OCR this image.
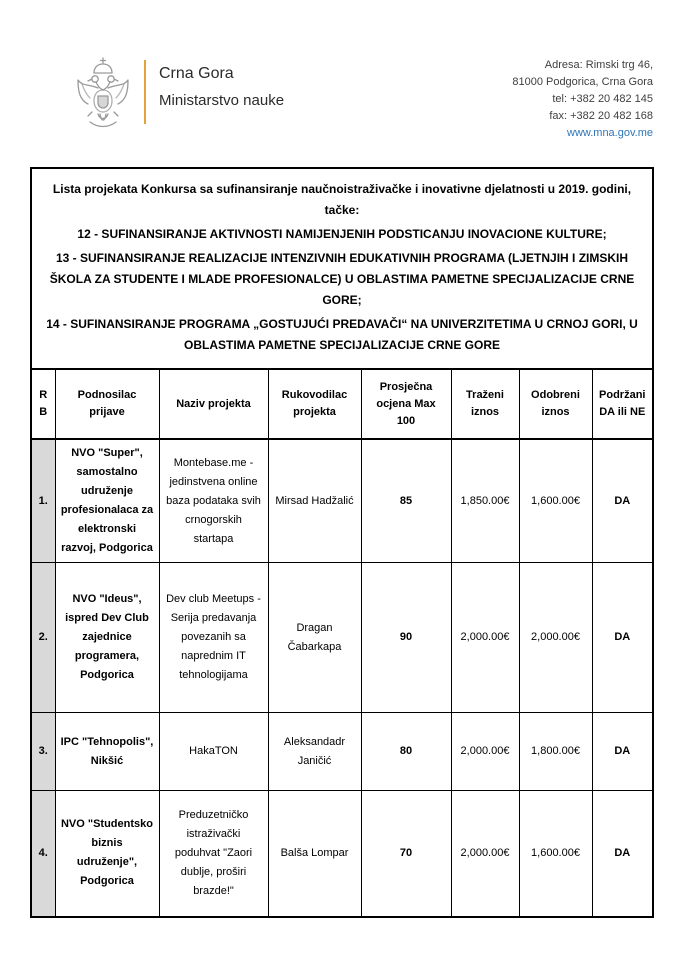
Crna Gora
Ministarstvo nauke
Adresa: Rimski trg 46,
81000 Podgorica, Crna Gora
tel: +382 20 482 145
fax: +382 20 482 168
www.mna.gov.me

Lista projekata Konkursa sa sufinansiranje naučnoistraživačke i inovativne djelatnosti u 2019. godini, tačke:

12 - SUFINANSIRANJE AKTIVNOSTI NAMIJENJENIH PODSTICANJU INOVACIONE KULTURE;

13 - SUFINANSIRANJE REALIZACIJE INTENZIVNIH EDUKATIVNIH PROGRAMA (LJETNJIH I ZIMSKIH ŠKOLA ZA STUDENTE I MLADE PROFESIONALCE) U OBLASTIMA PAMETNE SPECIJALIZACIJE CRNE GORE;

14 - SUFINANSIRANJE PROGRAMA „GOSTUJUĆI PREDAVAČI“ NA UNIVERZITETIMA U CRNOJ GORI, U OBLASTIMA PAMETNE SPECIJALIZACIJE CRNE GORE							

RB	Podnosilac prijave	Naziv projekta	Rukovodilac projekta	Prosječna ocjena Max 100	Traženi iznos	Odobreni iznos	Podržani DA ili NE
1.	NVO "Super", samostalno udruženje profesionalaca za elektronski razvoj, Podgorica	Montebase.me - jedinstvena online baza podataka svih crnogorskih startapa	Mirsad Hadžalić	85	1,850.00€	1,600.00€	DA
2.	NVO "Ideus", ispred Dev Club zajednice programera, Podgorica	Dev club Meetups - Serija predavanja povezanih sa naprednim IT tehnologijama	Dragan Čabarkapa	90	2,000.00€	2,000.00€	DA
3.	IPC "Tehnopolis", Nikšić	HakaTON	Aleksandadr Janičić	80	2,000.00€	1,800.00€	DA
4.	NVO "Studentsko biznis udruženje", Podgorica	Preduzetničko istraživački poduhvat "Zaori dublje, proširi brazde!"	Balša Lompar	70	2,000.00€	1,600.00€	DA
